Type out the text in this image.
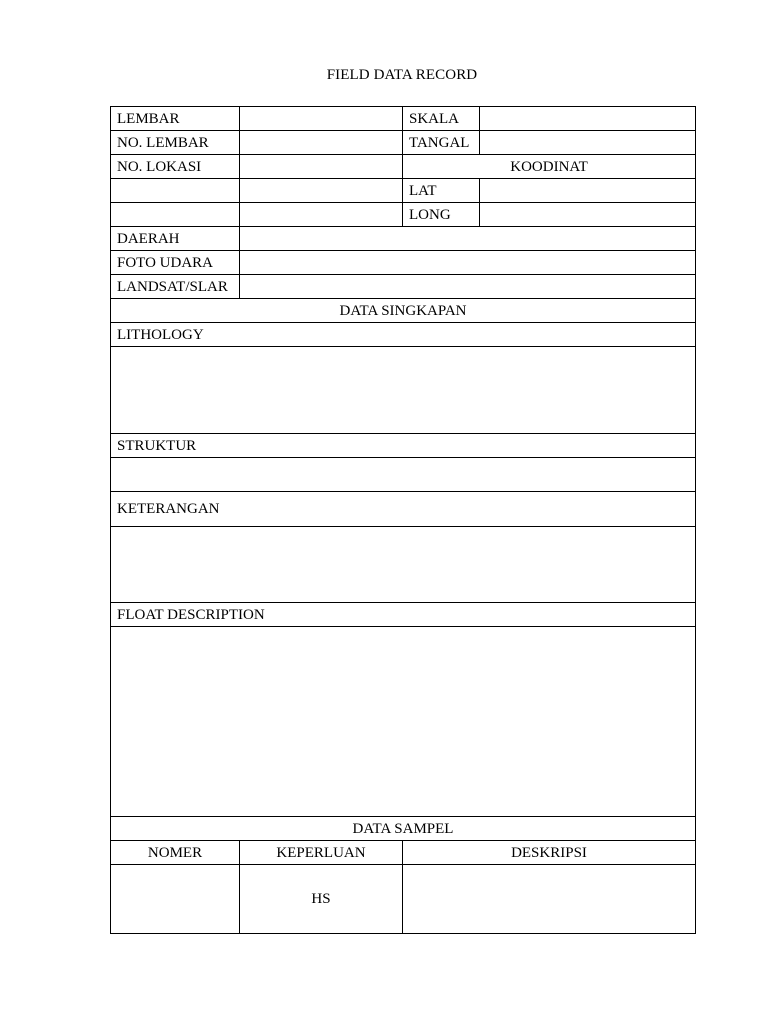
FIELD DATA RECORD
LEMBAR		SKALA	
NO. LEMBAR		TANGAL	
NO. LOKASI		KOODINAT	
		LAT	
		LONG	
DAERAH			
FOTO UDARA			
LANDSAT/SLAR			
DATA SINGKAPAN			
LITHOLOGY			

STRUKTUR			

KETERANGAN			

FLOAT DESCRIPTION			

DATA SAMPEL			
NOMER	KEPERLUAN	DESKRIPSI	
	HS		
